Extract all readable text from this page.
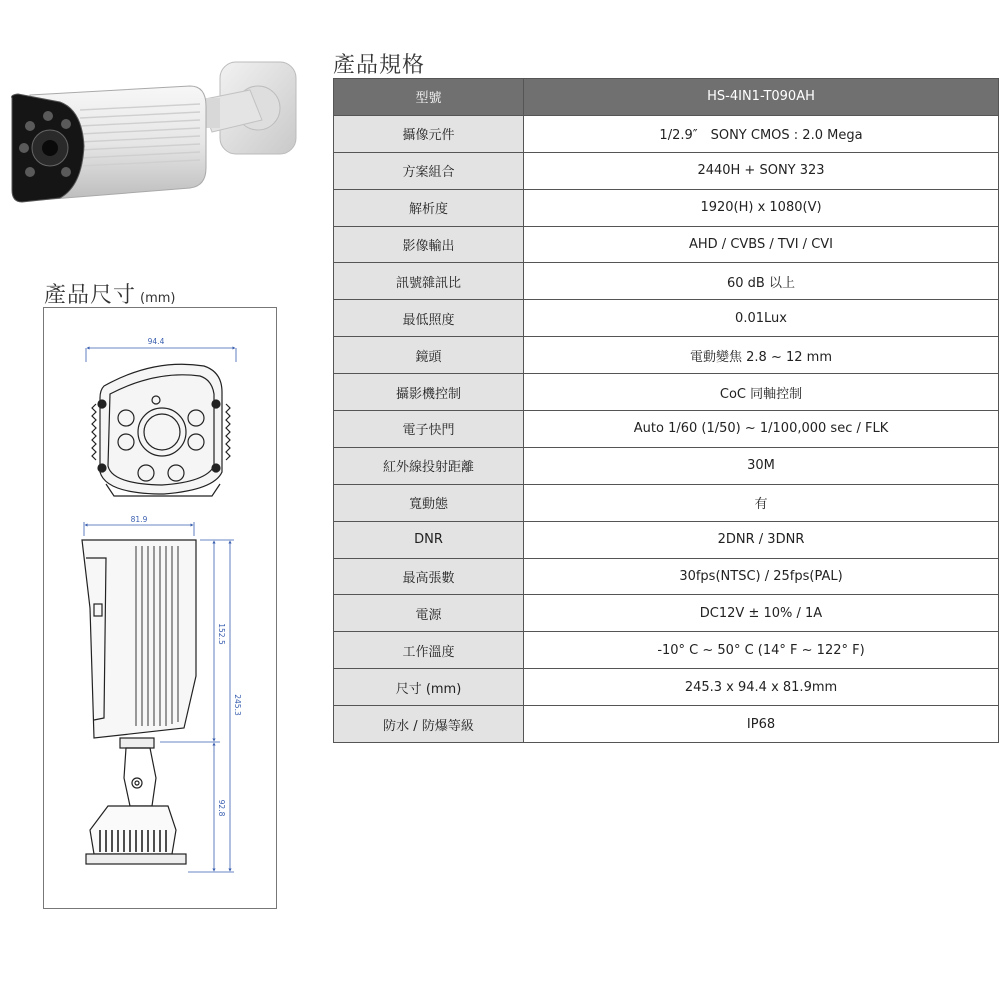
產品規格
型號	HS-4IN1-T090AH
攝像元件	1/2.9″　SONY CMOS : 2.0 Mega
方案組合	2440H + SONY 323
解析度	1920(H) x 1080(V)
影像輸出	AHD / CVBS / TVI / CVI
訊號雜訊比	60 dB 以上
最低照度	0.01Lux
鏡頭	電動變焦 2.8 ~ 12 mm
攝影機控制	CoC 同軸控制
電子快門	Auto 1/60 (1/50) ~ 1/100,000 sec / FLK
紅外線投射距離	30M
寬動態	有
DNR	2DNR / 3DNR
最高張數	30fps(NTSC) / 25fps(PAL)
電源	DC12V ± 10% / 1A
工作溫度	-10° C ~ 50° C (14° F ~ 122° F)
尺寸 (mm)	245.3 x 94.4 x 81.9mm
防水 / 防爆等級	IP68
產品尺寸 (mm)
94.4
81.9
152.5
245.3
92.8
